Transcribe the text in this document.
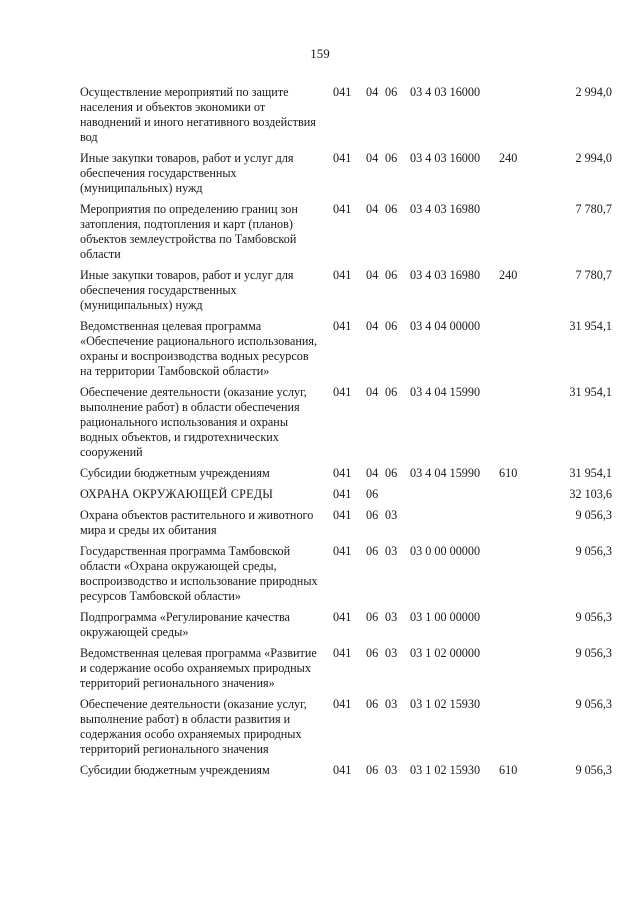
159
Осуществление мероприятий по защите населения и объектов экономики от наводнений и иного негативного воздействия вод
041 04 06 03 4 03 16000	2 994,0
Иные закупки товаров, работ и услуг для обеспечения государственных (муниципальных) нужд
041 04 06 03 4 03 16000 240	2 994,0
Мероприятия по определению границ зон затопления, подтопления и карт (планов) объектов землеустройства по Тамбовской области
041 04 06 03 4 03 16980	7 780,7
Иные закупки товаров, работ и услуг для обеспечения государственных (муниципальных) нужд
041 04 06 03 4 03 16980 240	7 780,7
Ведомственная целевая программа «Обеспечение рационального использования, охраны и воспроизводства водных ресурсов на территории Тамбовской области»
041 04 06 03 4 04 00000	31 954,1
Обеспечение деятельности (оказание услуг, выполнение работ) в области обеспечения рационального использования и охраны водных объектов, и гидротехнических сооружений
041 04 06 03 4 04 15990	31 954,1
Субсидии бюджетным учреждениям	041 04 06 03 4 04 15990 610	31 954,1
ОХРАНА ОКРУЖАЮЩЕЙ СРЕДЫ	041 06	32 103,6
Охрана объектов растительного и животного мира и среды их обитания
041 06 03	9 056,3
Государственная программа Тамбовской области «Охрана окружающей среды, воспроизводство и использование природных ресурсов Тамбовской области»
041 06 03 03 0 00 00000	9 056,3
Подпрограмма «Регулирование качества окружающей среды»
041 06 03 03 1 00 00000	9 056,3
Ведомственная целевая программа «Развитие и содержание особо охраняемых природных территорий регионального значения»
041 06 03 03 1 02 00000	9 056,3
Обеспечение деятельности (оказание услуг, выполнение работ) в области развития и содержания особо охраняемых природных территорий регионального значения
041 06 03 03 1 02 15930	9 056,3
Субсидии бюджетным учреждениям	041 06 03 03 1 02 15930 610	9 056,3
